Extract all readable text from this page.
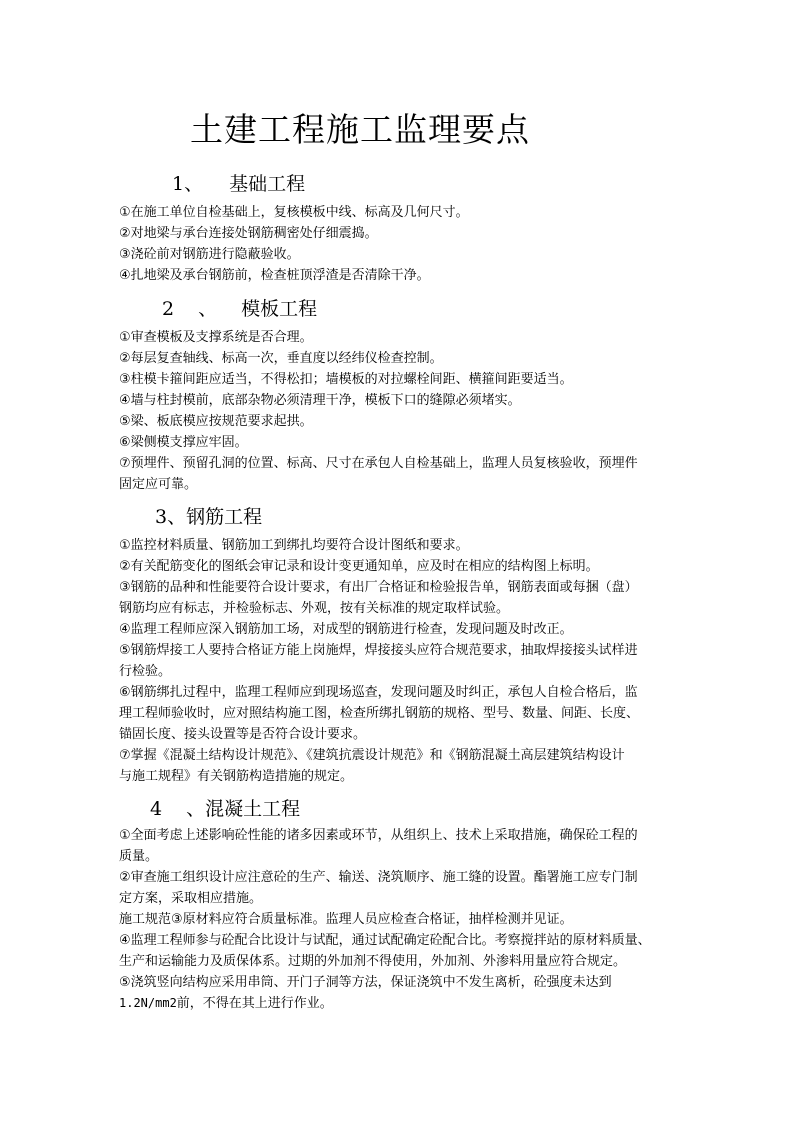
土建工程施工监理要点
1、 基础工程
①在施工单位自检基础上，复核模板中线、标高及几何尺寸。
②对地梁与承台连接处钢筋稠密处仔细震捣。
③浇砼前对钢筋进行隐蔽验收。
④扎地梁及承台钢筋前，检查桩顶浮渣是否清除干净。
2 、 模板工程
①审查模板及支撑系统是否合理。
②每层复查轴线、标高一次，垂直度以经纬仪检查控制。
③柱模卡箍间距应适当，不得松扣；墙模板的对拉螺栓间距、横箍间距要适当。
④墙与柱封模前，底部杂物必须清理干净，模板下口的缝隙必须堵实。
⑤梁、板底模应按规范要求起拱。
⑥梁侧模支撑应牢固。
⑦预埋件、预留孔洞的位置、标高、尺寸在承包人自检基础上，监理人员复核验收，预埋件
固定应可靠。
3、钢筋工程
①监控材料质量、钢筋加工到绑扎均要符合设计图纸和要求。
②有关配筋变化的图纸会审记录和设计变更通知单，应及时在相应的结构图上标明。
③钢筋的品种和性能要符合设计要求，有出厂合格证和检验报告单，钢筋表面或每捆（盘）
钢筋均应有标志，并检验标志、外观，按有关标准的规定取样试验。
④监理工程师应深入钢筋加工场，对成型的钢筋进行检查，发现问题及时改正。
⑤钢筋焊接工人要持合格证方能上岗施焊，焊接接头应符合规范要求，抽取焊接接头试样进
行检验。
⑥钢筋绑扎过程中，监理工程师应到现场巡查，发现问题及时纠正，承包人自检合格后，监
理工程师验收时，应对照结构施工图，检查所绑扎钢筋的规格、型号、数量、间距、长度、
锚固长度、接头设置等是否符合设计要求。
⑦掌握《混凝土结构设计规范》、《建筑抗震设计规范》和《钢筋混凝土高层建筑结构设计
与施工规程》有关钢筋构造措施的规定。
4 、混凝土工程
①全面考虑上述影响砼性能的诸多因素或环节，从组织上、技术上采取措施，确保砼工程的
质量。
②审查施工组织设计应注意砼的生产、输送、浇筑顺序、施工缝的设置。酯署施工应专门制
定方案，采取相应措施。
施工规范③原材料应符合质量标准。监理人员应检查合格证，抽样检测并见证。
④监理工程师参与砼配合比设计与试配，通过试配确定砼配合比。考察搅拌站的原材料质量、
生产和运输能力及质保体系。过期的外加剂不得使用，外加剂、外渗料用量应符合规定。
⑤浇筑竖向结构应采用串筒、开门子洞等方法，保证浇筑中不发生离析，砼强度未达到
1.2N/mm2前，不得在其上进行作业。
